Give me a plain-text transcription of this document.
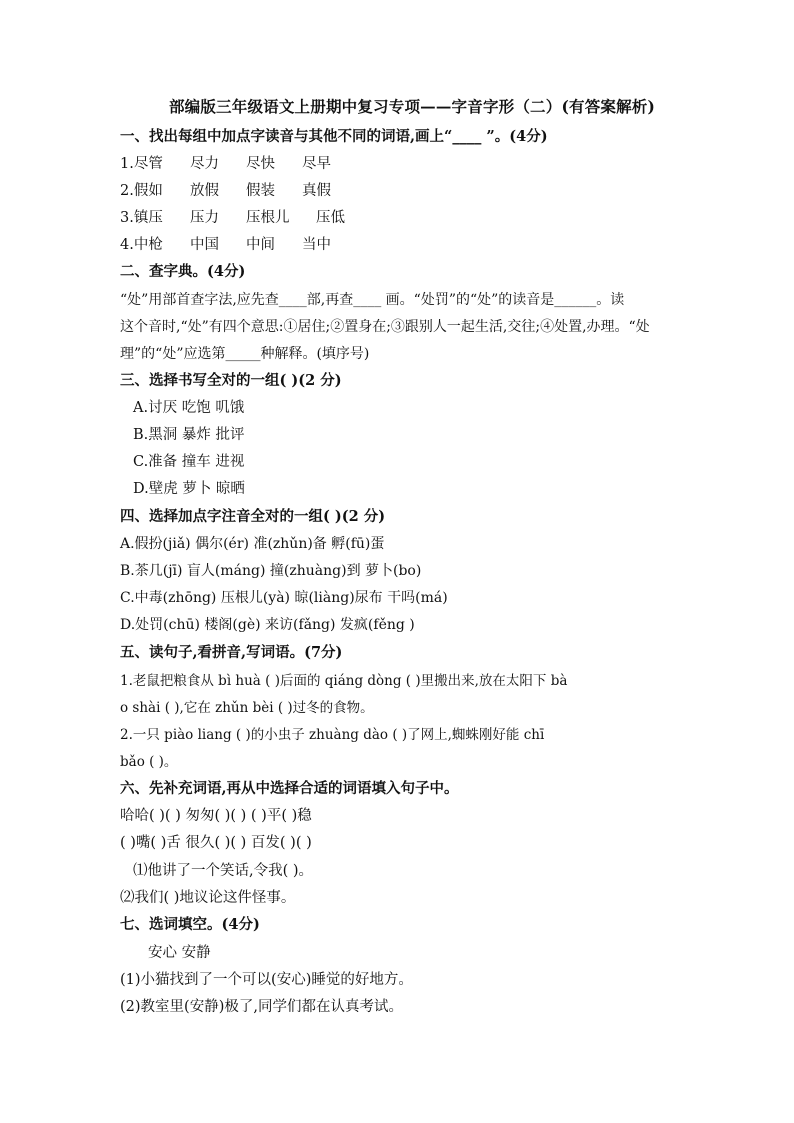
部编版三年级语文上册期中复习专项——字音字形（二）(有答案解析)
一、找出每组中加点字读音与其他不同的词语,画上“____ ”。(4分)
1.尽管 尽力 尽快 尽早
2.假如 放假 假装 真假
3.镇压 压力 压根儿 压低
4.中枪 中国 中间 当中
二、查字典。(4分)
“处”用部首查字法,应先查____部,再查____ 画。“处罚”的“处”的读音是______。读
这个音时,“处”有四个意思:①居住;②置身在;③跟别人一起生活,交往;④处置,办理。“处
理”的“处”应选第_____种解释。(填序号)
三、选择书写全对的一组( )(2 分)
A.讨厌 吃饱 叽饿
B.黑洞 暴炸 批评
C.准备 撞车 进视
D.壁虎 萝卜 晾晒
四、选择加点字注音全对的一组( )(2 分)
A.假扮(jiǎ) 偶尔(ér) 准(zhǔn)备 孵(fū)蛋
B.茶几(jī) 盲人(máng) 撞(zhuàng)到 萝卜(bo)
C.中毒(zhōng) 压根儿(yà) 晾(liàng)尿布 干吗(má)
D.处罚(chū) 楼阁(gè) 来访(fǎng) 发疯(fěng )
五、读句子,看拼音,写词语。(7分)
1.老鼠把粮食从 bì huà ( )后面的 qiáng dòng ( )里搬出来,放在太阳下 bà
o shài ( ),它在 zhǔn bèi ( )过冬的食物。
2.一只 piào liang ( )的小虫子 zhuàng dào ( )了网上,蜘蛛刚好能 chī
bǎo ( )。
六、先补充词语,再从中选择合适的词语填入句子中。
哈哈( )( ) 匆匆( )( ) ( )平( )稳
( )嘴( )舌 很久( )( ) 百发( )( )
⑴他讲了一个笑话,令我( )。
⑵我们( )地议论这件怪事。
七、选词填空。(4分)
安心 安静
(1)小猫找到了一个可以(安心)睡觉的好地方。
(2)教室里(安静)极了,同学们都在认真考试。
